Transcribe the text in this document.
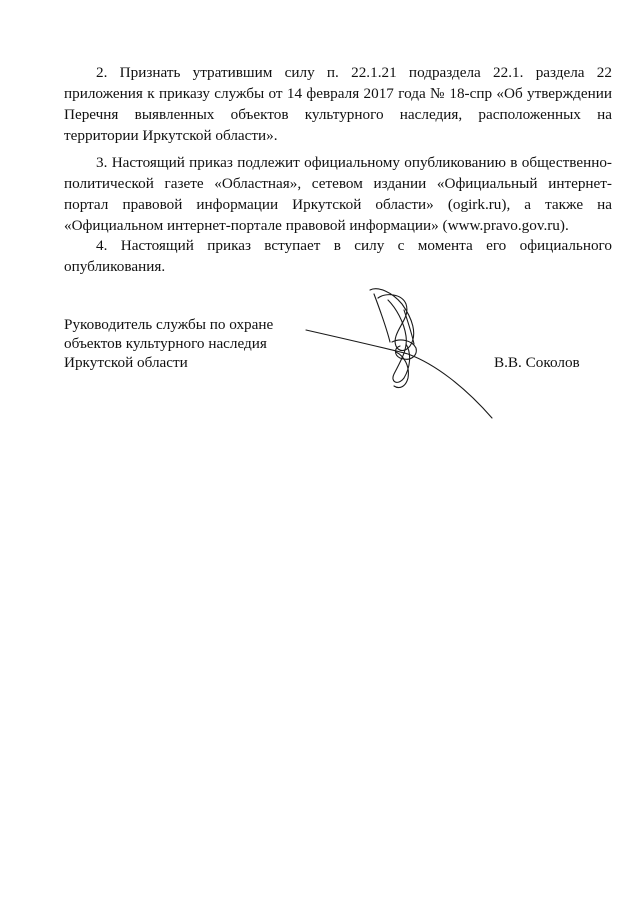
2. Признать утратившим силу п. 22.1.21 подраздела 22.1. раздела 22 приложения к приказу службы от 14 февраля 2017 года № 18-спр «Об утверждении Перечня выявленных объектов культурного наследия, расположенных на территории Иркутской области».

3. Настоящий приказ подлежит официальному опубликованию в общественно-политической газете «Областная», сетевом издании «Официальный интернет-портал правовой информации Иркутской области» (ogirk.ru), а также на «Официальном интернет-портале правовой информации» (www.pravo.gov.ru).

4. Настоящий приказ вступает в силу с момента его официального опубликования.

Руководитель службы по охране
объектов культурного наследия
Иркутской области	В.В. Соколов
